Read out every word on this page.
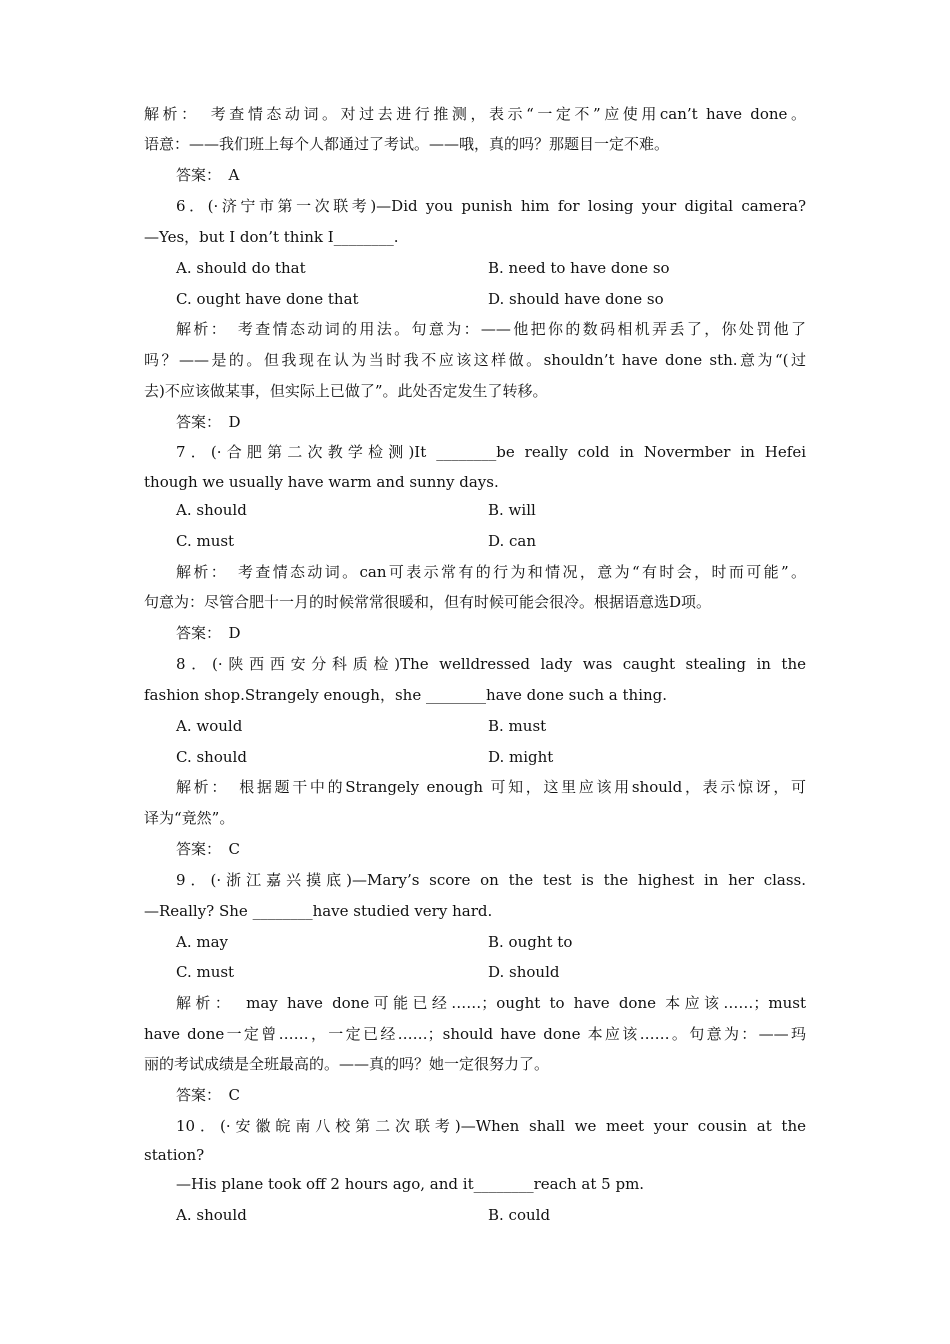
解析：　考查情态动词。对过去进行推测，表示“一定不”应使用can’t have done。
语意：——我们班上每个人都通过了考试。——哦，真的吗？那题目一定不难。
答案：　A
6．(·济宁市第一次联考)—Did you punish him for losing your digital camera?
—Yes，but I don’t think I________.
A. should do that	B. need to have done so
C. ought have done that	D. should have done so
解析：　考查情态动词的用法。句意为：——他把你的数码相机弄丢了，你处罚他了
吗？——是的。但我现在认为当时我不应该这样做。shouldn’t have done sth.意为“(过
去)不应该做某事，但实际上已做了”。此处否定发生了转移。
答案：　D
7．(·合肥第二次教学检测)It ________be really cold in Novermber in Hefei
though we usually have warm and sunny days.
A. should	B. will
C. must	D. can
解析：　考查情态动词。can可表示常有的行为和情况，意为“有时会，时而可能”。
句意为：尽管合肥十一月的时候常常很暖和，但有时候可能会很冷。根据语意选D项。
答案：　D
8．(·陕西西安分科质检)The welldressed lady was caught stealing in the
fashion shop.Strangely enough，she ________have done such a thing.
A. would	B. must
C. should	D. might
解析：　根据题干中的Strangely enough 可知，这里应该用should，表示惊讶，可
译为“竟然”。
答案：　C
9．(·浙江嘉兴摸底)—Mary’s score on the test is the highest in her class.
—Really? She ________have studied very hard.
A. may	B. ought to
C. must	D. should
解析：　may have done可能已经……；ought to have done 本应该……；must
have done一定曾……，一定已经……；should have done 本应该……。句意为：——玛
丽的考试成绩是全班最高的。——真的吗？她一定很努力了。
答案：　C
10．(·安徽皖南八校第二次联考)—When shall we meet your cousin at the
station?
—His plane took off 2 hours ago, and it________reach at 5 pm.
A. should	B. could
